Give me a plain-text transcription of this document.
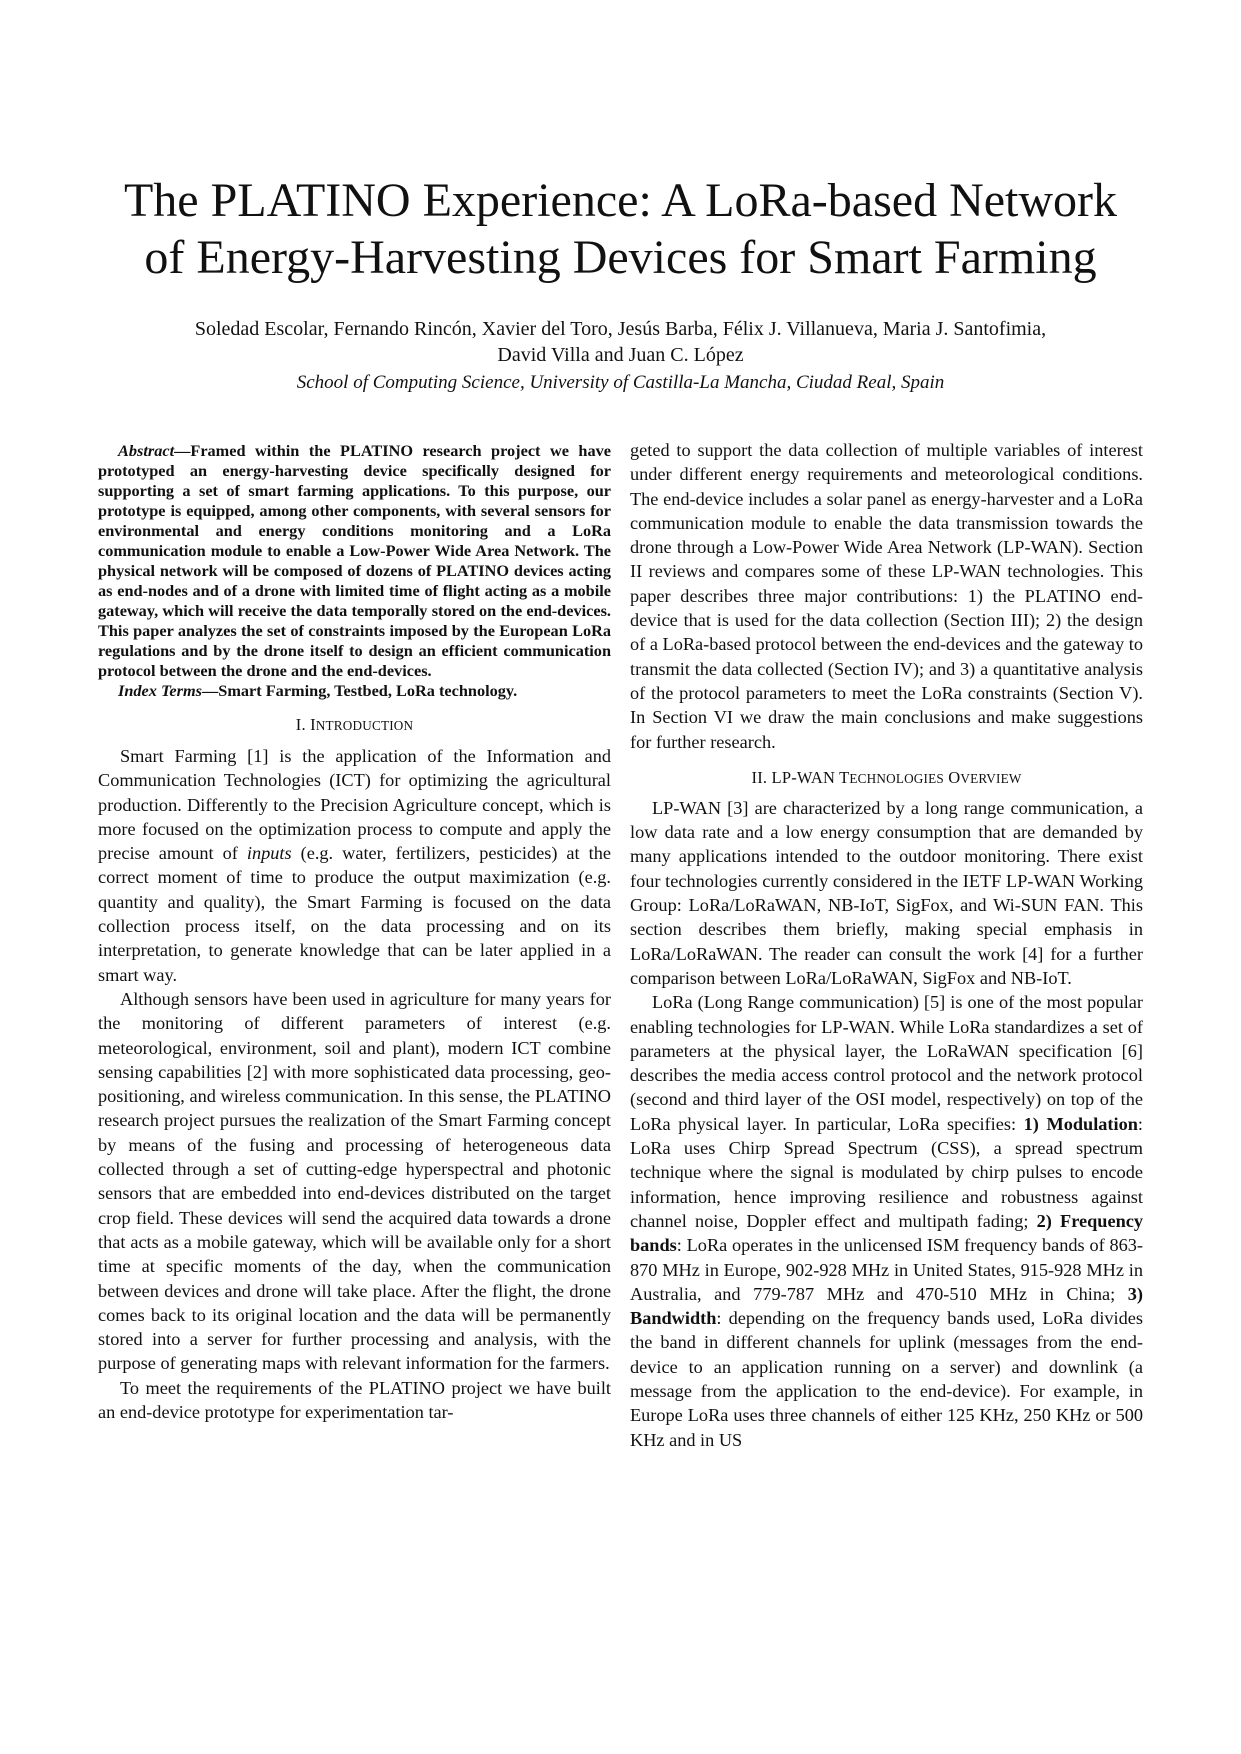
The PLATINO Experience: A LoRa-based Network
of Energy-Harvesting Devices for Smart Farming
Soledad Escolar, Fernando Rincón, Xavier del Toro, Jesús Barba, Félix J. Villanueva, Maria J. Santofimia,
David Villa and Juan C. López
School of Computing Science, University of Castilla-La Mancha, Ciudad Real, Spain

Abstract—Framed within the PLATINO research project we have prototyped an energy-harvesting device specifically designed for supporting a set of smart farming applications. To this purpose, our prototype is equipped, among other components, with several sensors for environmental and energy conditions monitoring and a LoRa communication module to enable a Low-Power Wide Area Network. The physical network will be composed of dozens of PLATINO devices acting as end-nodes and of a drone with limited time of flight acting as a mobile gateway, which will receive the data temporally stored on the end-devices. This paper analyzes the set of constraints imposed by the European LoRa regulations and by the drone itself to design an efficient communication protocol between the drone and the end-devices.

Index Terms—Smart Farming, Testbed, LoRa technology.

I. INTRODUCTION

Smart Farming [1] is the application of the Information and Communication Technologies (ICT) for optimizing the agricultural production. Differently to the Precision Agriculture concept, which is more focused on the optimization process to compute and apply the precise amount of inputs (e.g. water, fertilizers, pesticides) at the correct moment of time to produce the output maximization (e.g. quantity and quality), the Smart Farming is focused on the data collection process itself, on the data processing and on its interpretation, to generate knowledge that can be later applied in a smart way.

Although sensors have been used in agriculture for many years for the monitoring of different parameters of interest (e.g. meteorological, environment, soil and plant), modern ICT combine sensing capabilities [2] with more sophisticated data processing, geo-positioning, and wireless communication. In this sense, the PLATINO research project pursues the realization of the Smart Farming concept by means of the fusing and processing of heterogeneous data collected through a set of cutting-edge hyperspectral and photonic sensors that are embedded into end-devices distributed on the target crop field. These devices will send the acquired data towards a drone that acts as a mobile gateway, which will be available only for a short time at specific moments of the day, when the communication between devices and drone will take place. After the flight, the drone comes back to its original location and the data will be permanently stored into a server for further processing and analysis, with the purpose of generating maps with relevant information for the farmers.

To meet the requirements of the PLATINO project we have built an end-device prototype for experimentation tar-

geted to support the data collection of multiple variables of interest under different energy requirements and meteorological conditions. The end-device includes a solar panel as energy-harvester and a LoRa communication module to enable the data transmission towards the drone through a Low-Power Wide Area Network (LP-WAN). Section II reviews and compares some of these LP-WAN technologies. This paper describes three major contributions: 1) the PLATINO end-device that is used for the data collection (Section III); 2) the design of a LoRa-based protocol between the end-devices and the gateway to transmit the data collected (Section IV); and 3) a quantitative analysis of the protocol parameters to meet the LoRa constraints (Section V). In Section VI we draw the main conclusions and make suggestions for further research.

II. LP-WAN TECHNOLOGIES OVERVIEW

LP-WAN [3] are characterized by a long range communication, a low data rate and a low energy consumption that are demanded by many applications intended to the outdoor monitoring. There exist four technologies currently considered in the IETF LP-WAN Working Group: LoRa/LoRaWAN, NB-IoT, SigFox, and Wi-SUN FAN. This section describes them briefly, making special emphasis in LoRa/LoRaWAN. The reader can consult the work [4] for a further comparison between LoRa/LoRaWAN, SigFox and NB-IoT.

LoRa (Long Range communication) [5] is one of the most popular enabling technologies for LP-WAN. While LoRa standardizes a set of parameters at the physical layer, the LoRaWAN specification [6] describes the media access control protocol and the network protocol (second and third layer of the OSI model, respectively) on top of the LoRa physical layer. In particular, LoRa specifies: 1) Modulation: LoRa uses Chirp Spread Spectrum (CSS), a spread spectrum technique where the signal is modulated by chirp pulses to encode information, hence improving resilience and robustness against channel noise, Doppler effect and multipath fading; 2) Frequency bands: LoRa operates in the unlicensed ISM frequency bands of 863-870 MHz in Europe, 902-928 MHz in United States, 915-928 MHz in Australia, and 779-787 MHz and 470-510 MHz in China; 3) Bandwidth: depending on the frequency bands used, LoRa divides the band in different channels for uplink (messages from the end-device to an application running on a server) and downlink (a message from the application to the end-device). For example, in Europe LoRa uses three channels of either 125 KHz, 250 KHz or 500 KHz and in US
